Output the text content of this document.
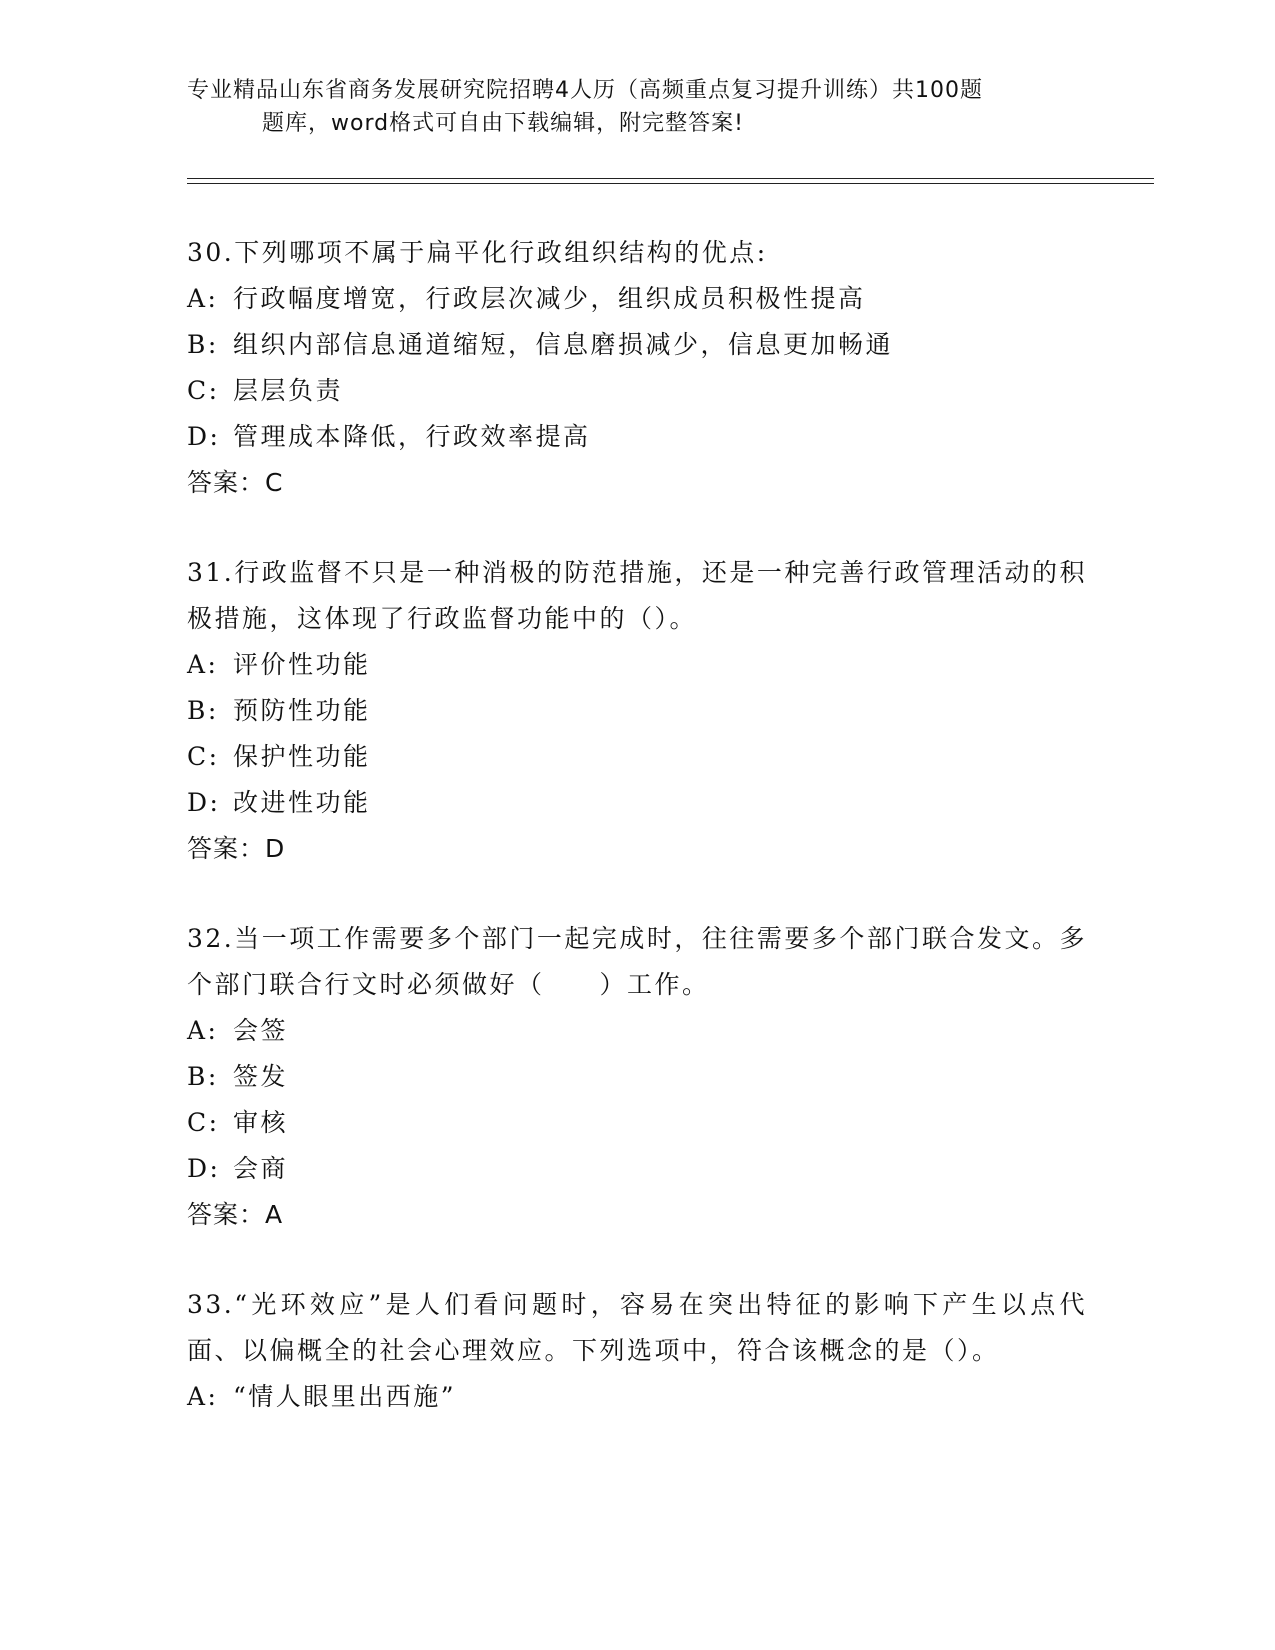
专业精品山东省商务发展研究院招聘4人历（高频重点复习提升训练）共100题
题库，word格式可自由下载编辑，附完整答案!

30.下列哪项不属于扁平化行政组织结构的优点:

A: 行政幅度增宽，行政层次减少，组织成员积极性提高

B: 组织内部信息通道缩短，信息磨损减少，信息更加畅通

C: 层层负责

D: 管理成本降低，行政效率提高

答案：C

31.行政监督不只是一种消极的防范措施，还是一种完善行政管理活动的积极措施，这体现了行政监督功能中的（）。

A: 评价性功能

B: 预防性功能

C: 保护性功能

D: 改进性功能

答案：D

32.当一项工作需要多个部门一起完成时，往往需要多个部门联合发文。多个部门联合行文时必须做好（　　）工作。

A: 会签

B: 签发

C: 审核

D: 会商

答案：A

33.“光环效应”是人们看问题时，容易在突出特征的影响下产生以点代面、以偏概全的社会心理效应。下列选项中，符合该概念的是（）。

A: “情人眼里出西施”
